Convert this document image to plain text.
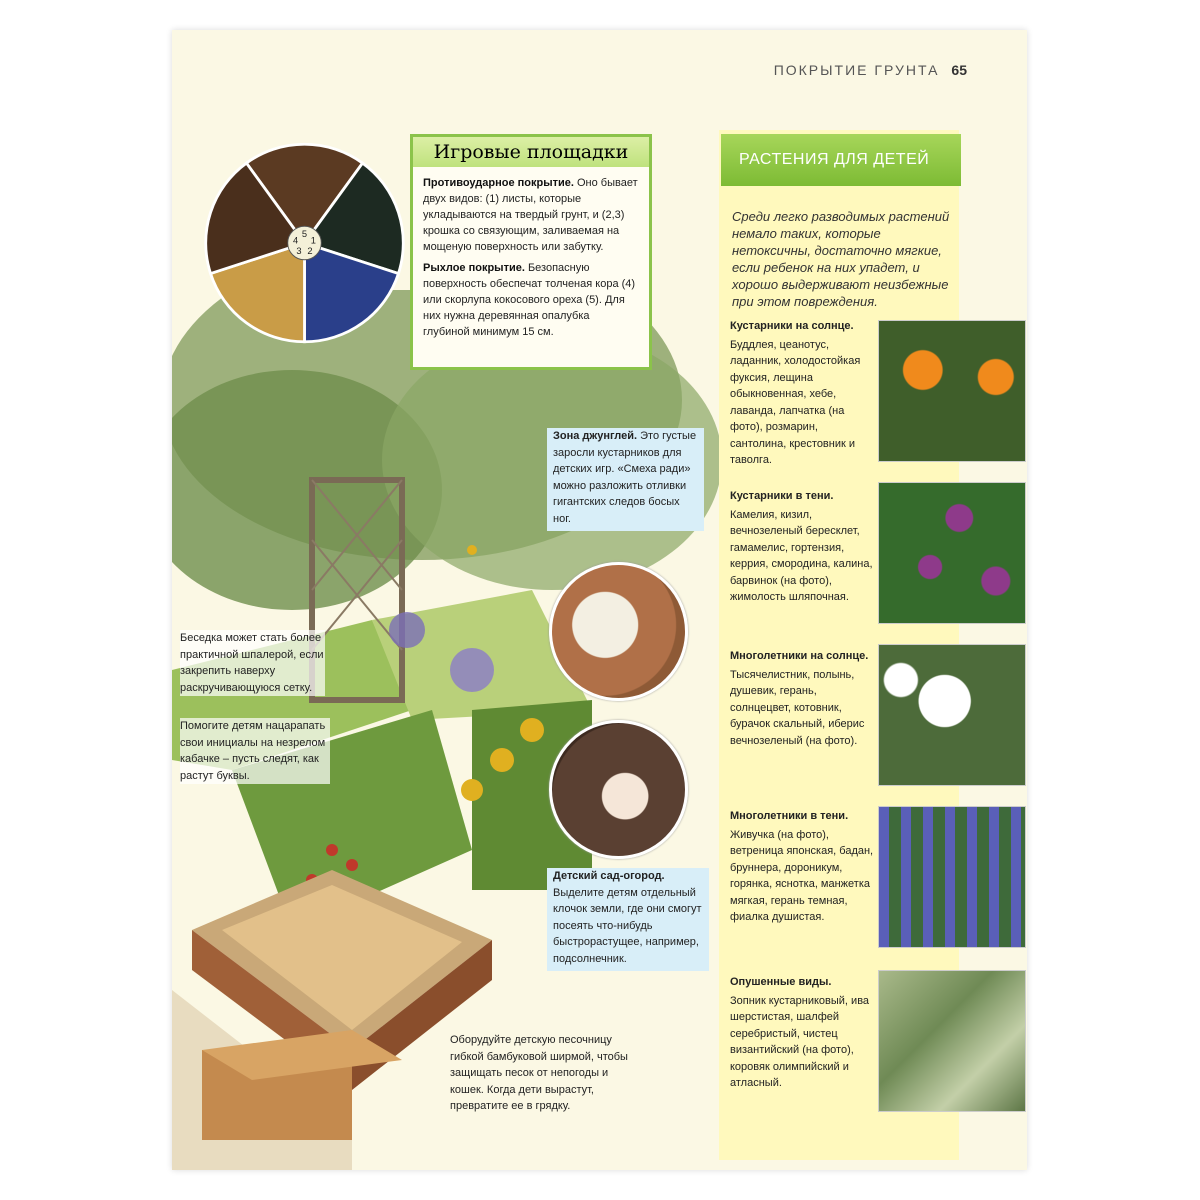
ПОКРЫТИЕ ГРУНТА 65
5
1
2
3
4
Игровые площадки

Противоударное покрытие. Оно бывает двух видов: (1) листы, которые укладываются на твердый грунт, и (2,3) крошка со связующим, заливаемая на мощеную поверхность или забутку.

Рыхлое покрытие. Безопасную поверхность обеспечат толченая кора (4) или скорлупа кокосового ореха (5). Для них нужна деревянная опалубка глубиной минимум 15 см.

Зона джунглей. Это густые заросли кустарников для детских игр. «Смеха ради» можно разложить отливки гигантских следов босых ног.
Детский сад-огород. Выделите детям отдельный клочок земли, где они смогут посеять что-нибудь быстрорастущее, например, подсолнечник.
Беседка может стать более практичной шпалерой, если закрепить наверху раскручивающуюся сетку.
Помогите детям нацарапать свои инициалы на незрелом кабачке – пусть следят, как растут буквы.
Оборудуйте детскую песочницу гибкой бамбуковой ширмой, чтобы защищать песок от непогоды и кошек. Когда дети вырастут, превратите ее в грядку.
РАСТЕНИЯ ДЛЯ ДЕТЕЙ
Среди легко разводимых растений немало таких, которые нетоксичны, достаточно мягкие, если ребенок на них упадет, и хорошо выдерживают неизбежные при этом повреждения.
Кустарники на солнце.
Буддлея, цеанотус, ладанник, холодостойкая фуксия, лещина обыкновенная, хебе, лаванда, лапчатка (на фото), розмарин, сантолина, крестовник и таволга.
Кустарники в тени.
Камелия, кизил, вечнозеленый бересклет, гамамелис, гортензия, керрия, смородина, калина, барвинок (на фото), жимолость шляпочная.
Многолетники на солнце.
Тысячелистник, полынь, душевик, герань, солнцецвет, котовник, бурачок скальный, иберис вечнозеленый (на фото).
Многолетники в тени.
Живучка (на фото), ветреница японская, бадан, бруннера, дороникум, горянка, яснотка, манжетка мягкая, герань темная, фиалка душистая.
Опушенные виды.
Зопник кустарниковый, ива шерстистая, шалфей серебристый, чистец византийский (на фото), коровяк олимпийский и атласный.
